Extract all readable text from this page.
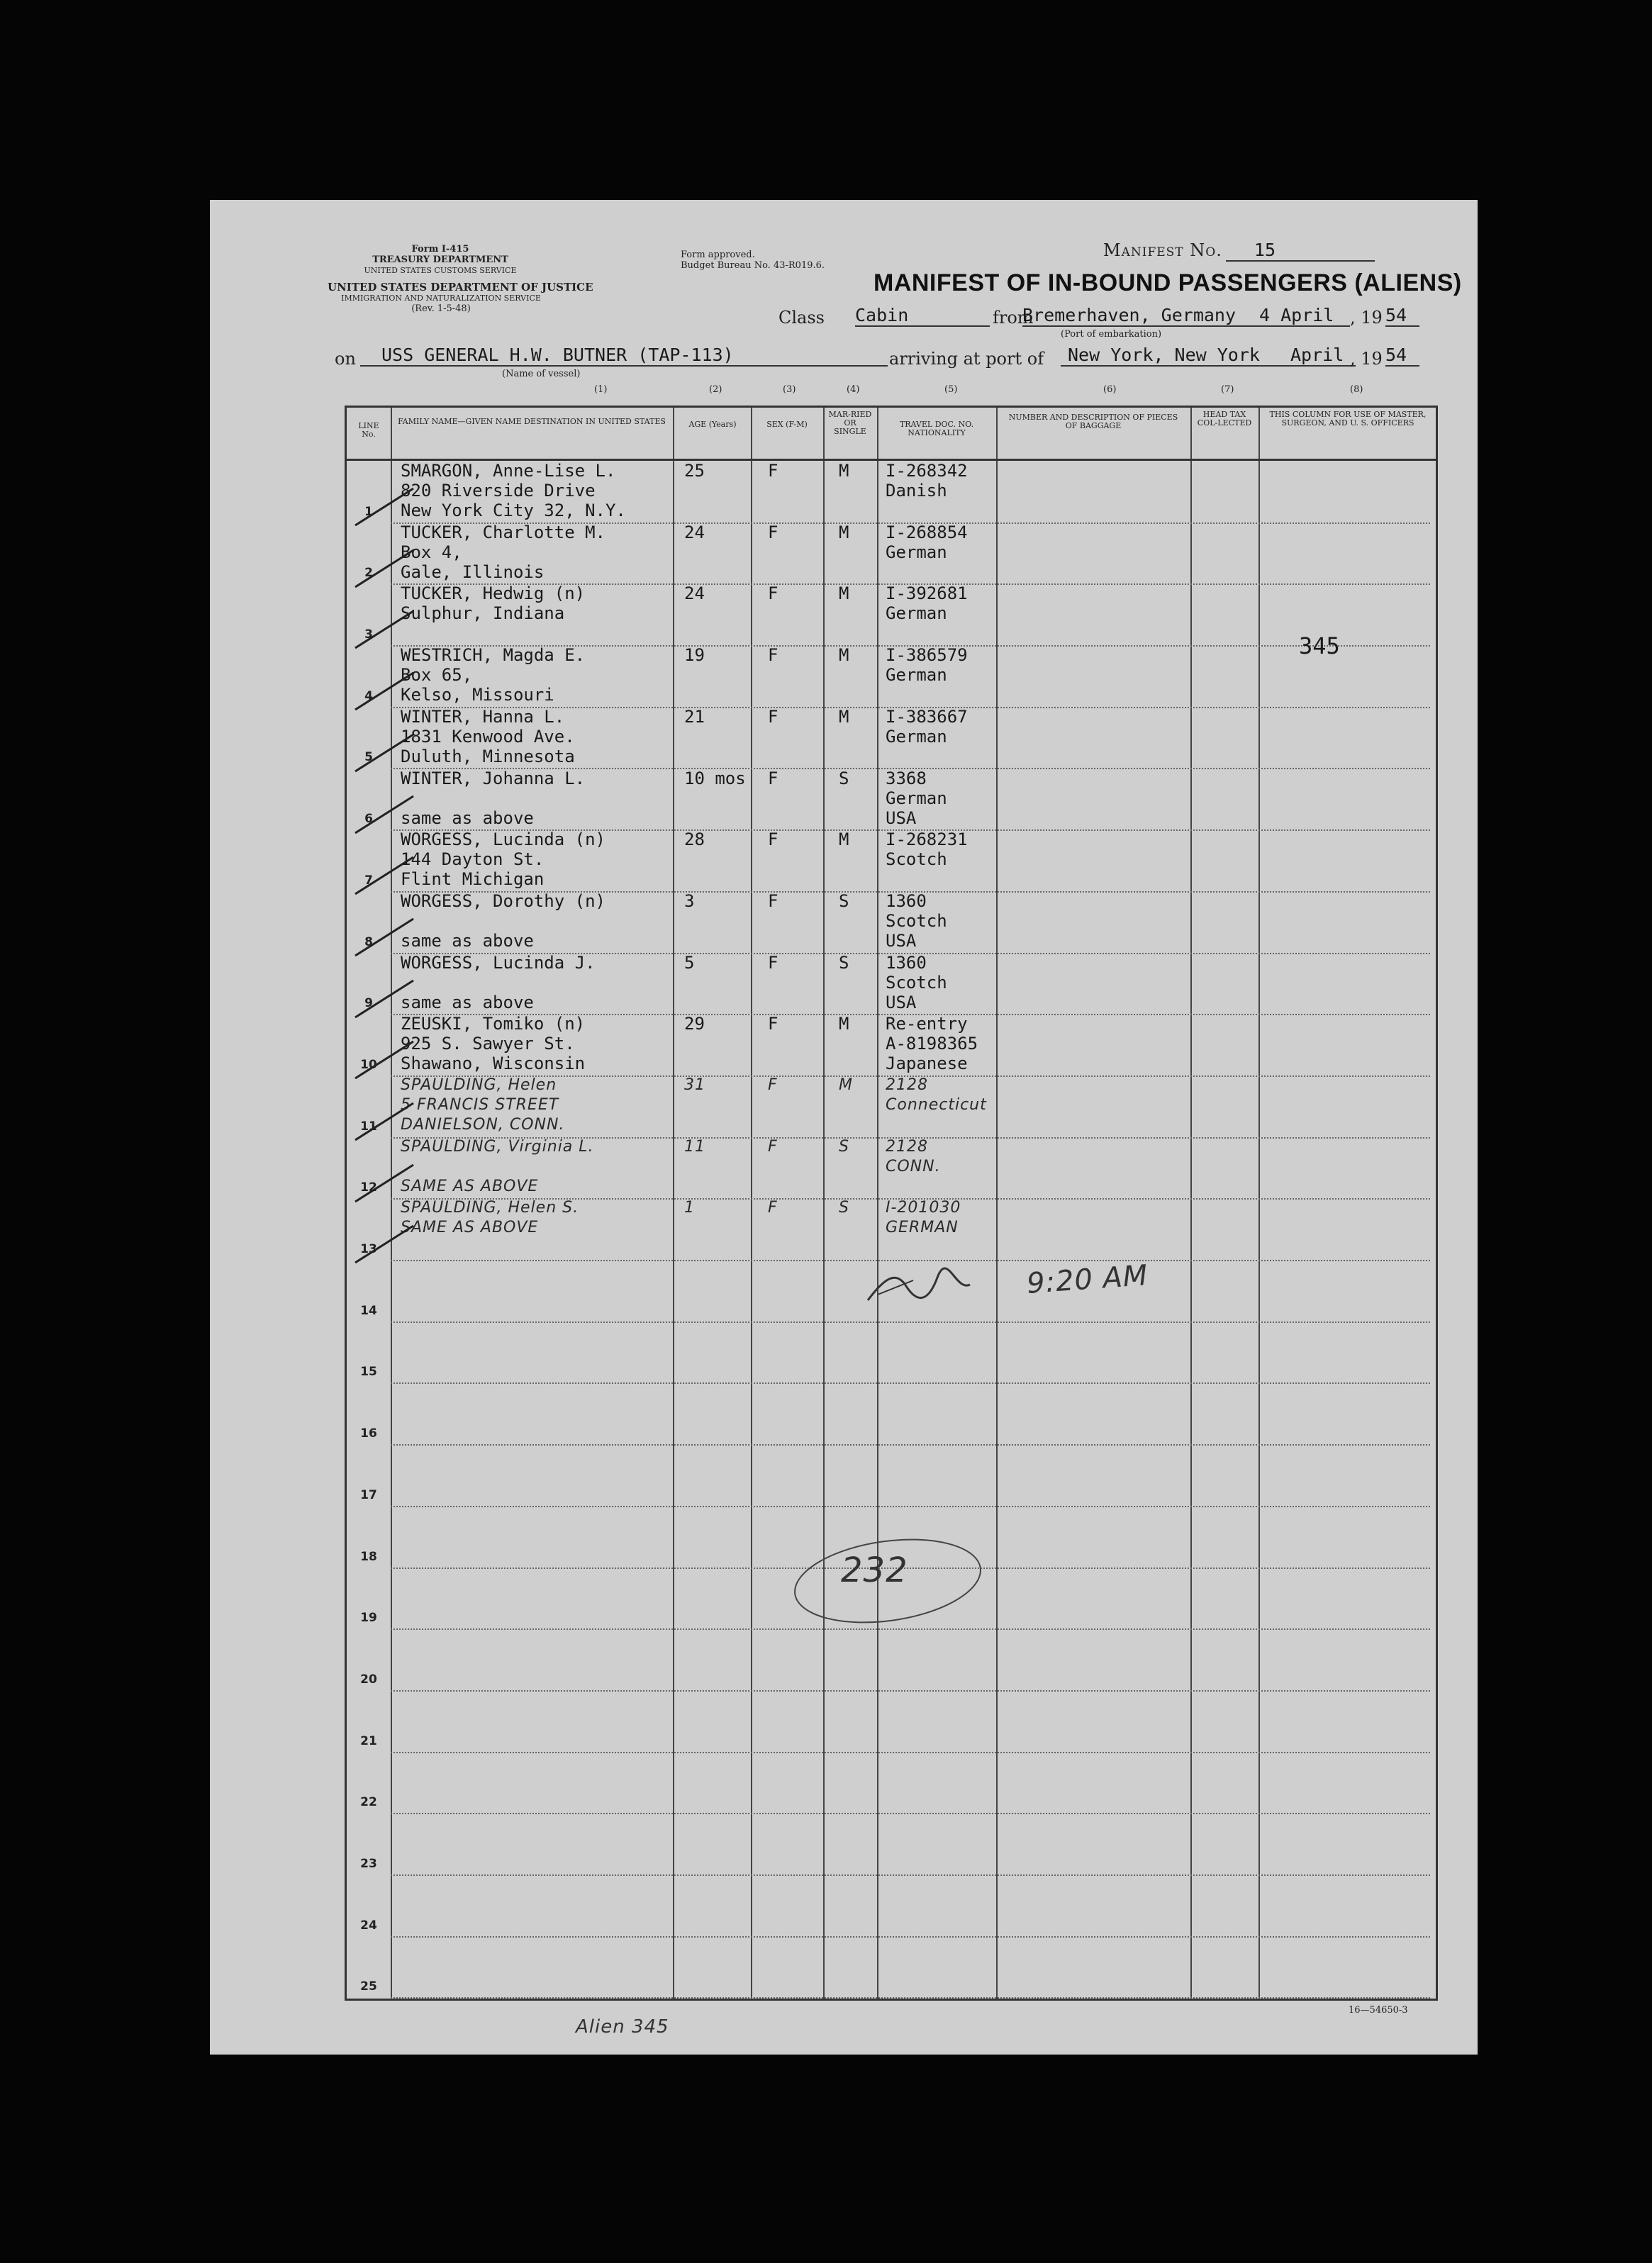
Form I-415
TREASURY DEPARTMENT
UNITED STATES CUSTOMS SERVICE
UNITED STATES DEPARTMENT OF JUSTICE
IMMIGRATION AND NATURALIZATION SERVICE
(Rev. 1-5-48)
Form approved.
Budget Bureau No. 43-R019.6.
Manifest No. 15
MANIFEST OF IN-BOUND PASSENGERS (ALIENS)
Class Cabin	from
Bremerhaven, Germany	4 April , 19 54
(Port of embarkation)
on	USS GENERAL H.W. BUTNER (TAP-113)	arriving at port of	New York, New York	April , 19 54
(Name of vessel)
(1)	(2)	(3)	(4)	(5)	(6)	(7)	(8)
LINE No.
FAMILY NAME—GIVEN NAME DESTINATION IN UNITED STATES	AGE (Years)	SEX (F-M)
MAR-RIED OR SINGLE
TRAVEL DOC. NO. NATIONALITY
NUMBER AND DESCRIPTION OF PIECES OF BAGGAGE
HEAD TAX COL-LECTED
THIS COLUMN FOR USE OF MASTER, SURGEON, AND U. S. OFFICERS
1
SMARGON, Anne-Lise L.
820 Riverside Drive
New York City 32, N.Y.
25	F	M I-268342
Danish
2
TUCKER, Charlotte M.
Box 4,
Gale, Illinois
24	F	M I-268854
German
3
TUCKER, Hedwig (n)
Sulphur, Indiana
24	F	M I-392681
German
4
WESTRICH, Magda E.
Box 65,
Kelso, Missouri
19	F	M I-386579
German
5
WINTER, Hanna L.
1831 Kenwood Ave.
Duluth, Minnesota
21	F	M I-383667
German
6
WINTER, Johanna L.
same as above
10 mos F	S 3368
German
USA
7
WORGESS, Lucinda (n)
144 Dayton St.
Flint Michigan
28	F	M I-268231
Scotch
8
WORGESS, Dorothy (n)
same as above
3	F	S 1360
Scotch
USA
9
WORGESS, Lucinda J.
same as above
5	F	S 1360
Scotch
USA
10
ZEUSKI, Tomiko (n)
925 S. Sawyer St.
Shawano, Wisconsin
29	F	M Re-entry
A-8198365
Japanese
11
SPAULDING, Helen
5 FRANCIS STREET
DANIELSON, CONN.
31	F	M 2128
Connecticut
12
SPAULDING, Virginia L.
SAME AS ABOVE
11	F	S 2128
CONN.
13
SPAULDING, Helen S.
SAME AS ABOVE
1	F	S I-201030
GERMAN
14
15
16
17
18
19
20
21
22
23
24
25
345
9:20 AM
232
Alien 345
16—54650-3
